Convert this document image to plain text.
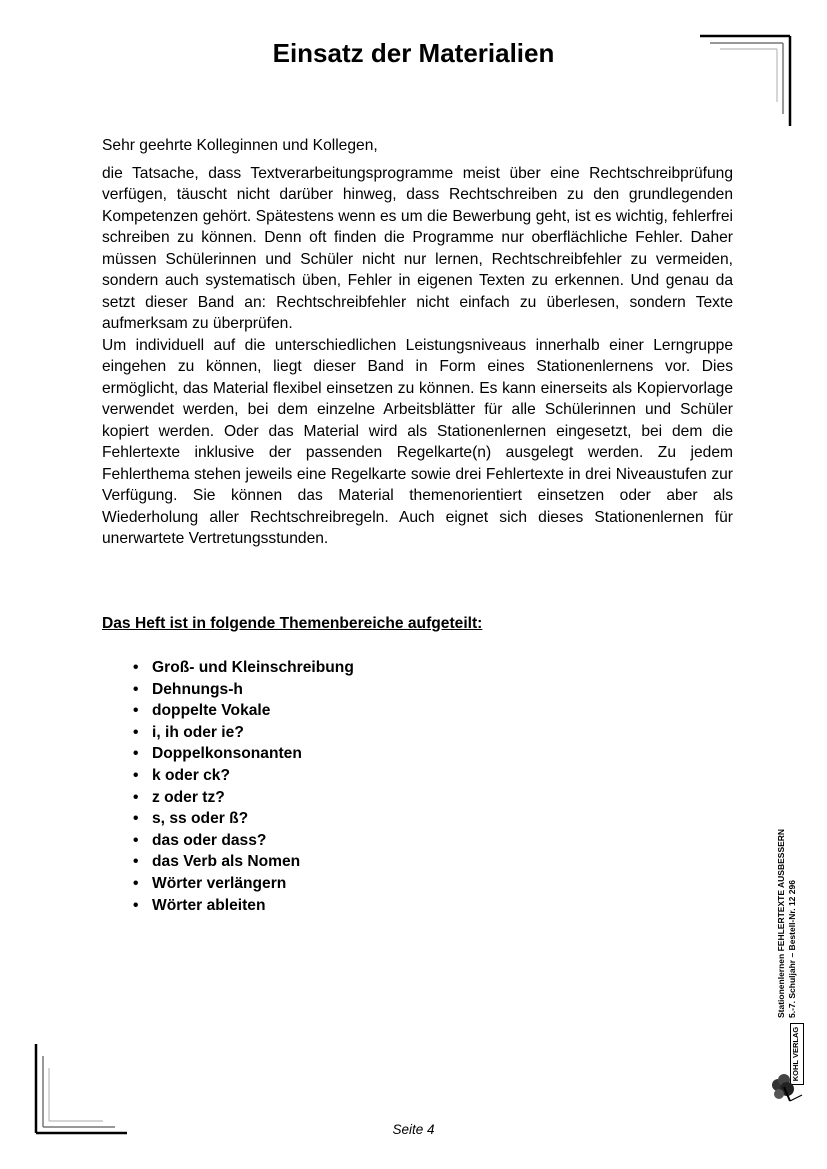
Einsatz der Materialien

Sehr geehrte Kolleginnen und Kollegen,

die Tatsache, dass Textverarbeitungsprogramme meist über eine Rechtschreibprüfung verfügen, täuscht nicht darüber hinweg, dass Rechtschreiben zu den grundlegenden Kompetenzen gehört. Spätestens wenn es um die Bewerbung geht, ist es wichtig, fehlerfrei schreiben zu können. Denn oft finden die Programme nur oberflächliche Fehler. Daher müssen Schülerinnen und Schüler nicht nur lernen, Rechtschreibfehler zu vermeiden, sondern auch systematisch üben, Fehler in eigenen Texten zu erkennen. Und genau da setzt dieser Band an: Rechtschreibfehler nicht einfach zu überlesen, sondern Texte aufmerksam zu überprüfen.

Um individuell auf die unterschiedlichen Leistungsniveaus innerhalb einer Lerngruppe eingehen zu können, liegt dieser Band in Form eines Stationenlernens vor. Dies ermöglicht, das Material flexibel einsetzen zu können. Es kann einerseits als Kopiervorlage verwendet werden, bei dem einzelne Arbeitsblätter für alle Schülerinnen und Schüler kopiert werden. Oder das Material wird als Stationenlernen eingesetzt, bei dem die Fehlertexte inklusive der passenden Regelkarte(n) ausgelegt werden. Zu jedem Fehlerthema stehen jeweils eine Regelkarte sowie drei Fehlertexte in drei Niveaustufen zur Verfügung. Sie können das Material themenorientiert einsetzen oder aber als Wiederholung aller Rechtschreibregeln. Auch eignet sich dieses Stationenlernen für unerwartete Vertretungsstunden.

Das Heft ist in folgende Themenbereiche aufgeteilt:

• Groß- und Kleinschreibung
• Dehnungs-h
• doppelte Vokale
• i, ih oder ie?
• Doppelkonsonanten
• k oder ck?
• z oder tz?
• s, ss oder ß?
• das oder dass?
• das Verb als Nomen
• Wörter verlängern
• Wörter ableiten	Stationenlernen FEHLERTEXTE AUSBESSERN 5.-7. Schuljahr – Bestell-Nr. 12 296
KOHL VERLAG
Seite 4
